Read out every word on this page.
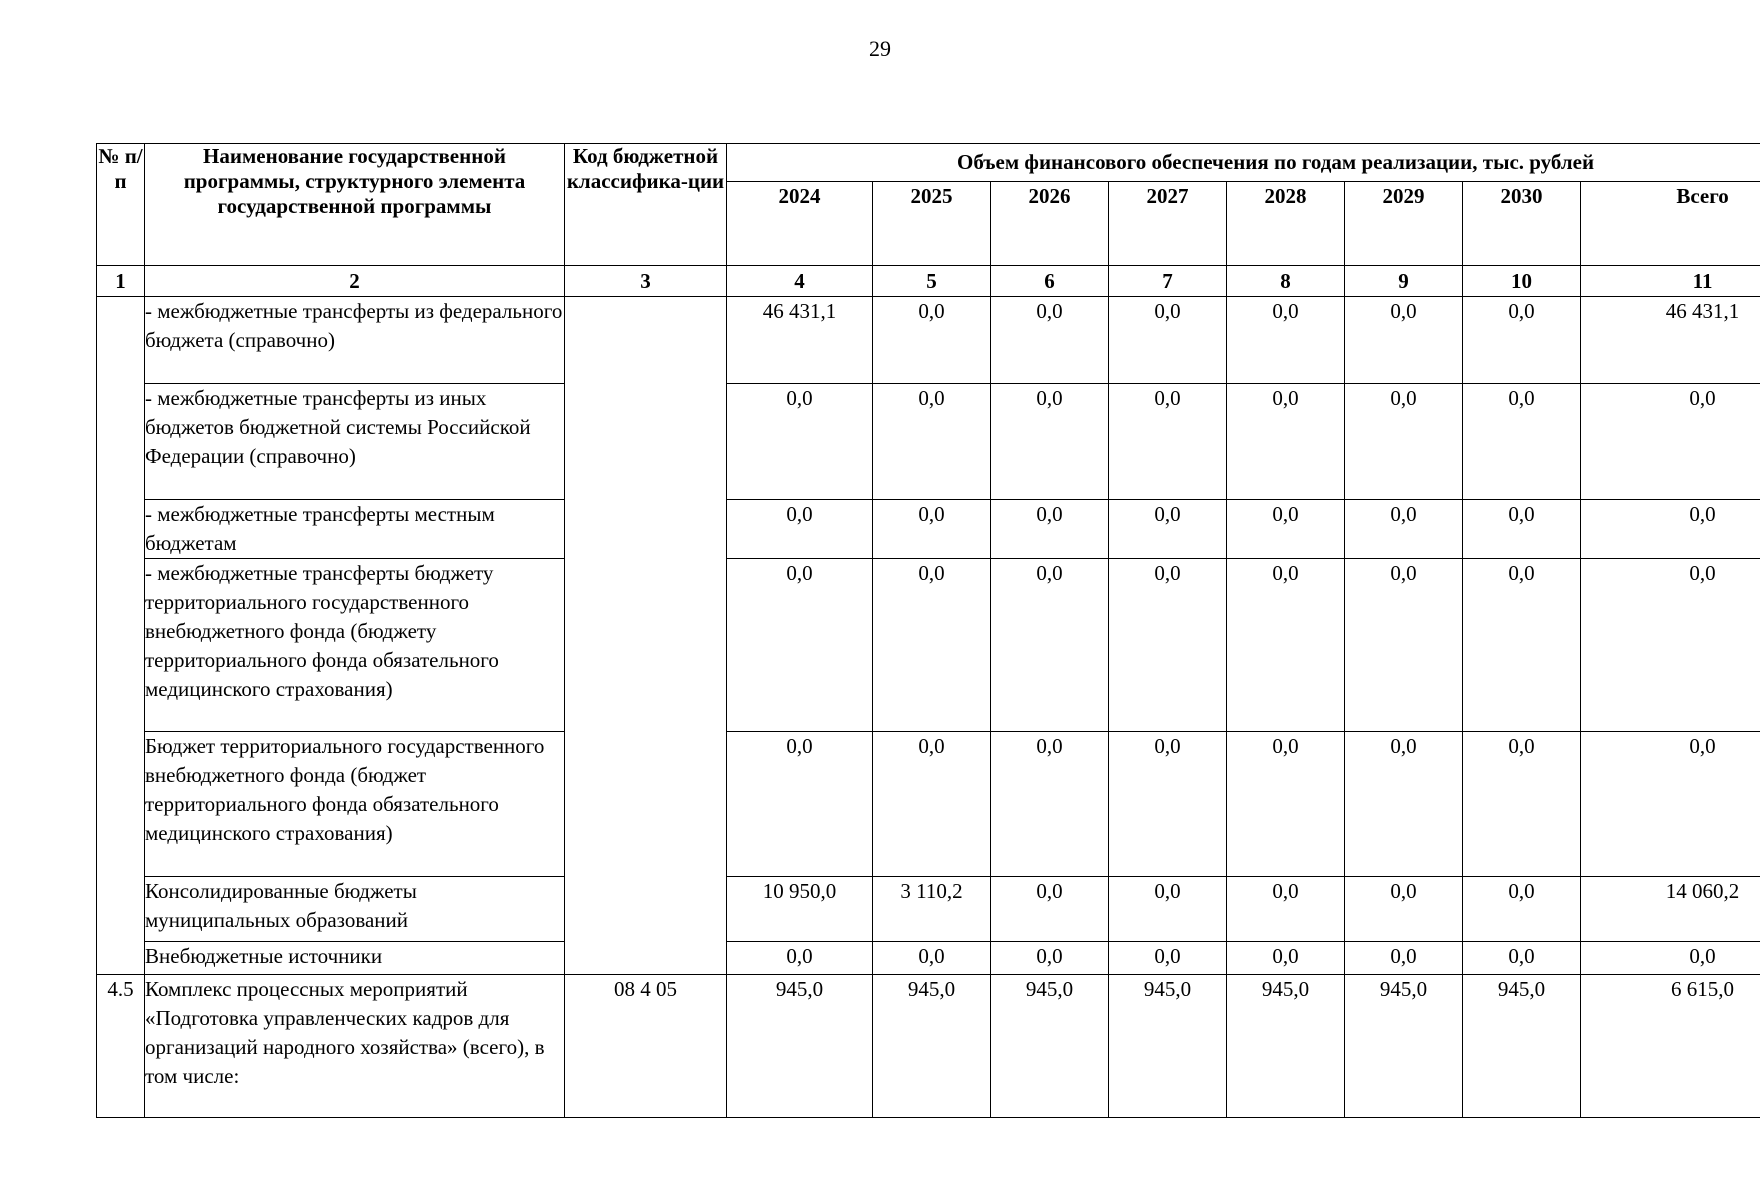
29
№ п/п	Наименование государственной программы, структурного элемента государственной программы	Код бюджетной классифика-ции	Объем финансового обеспечения по годам реализации, тыс. рублей							
			2024	2025	2026	2027	2028	2029	2030	Всего
1	2	3	4	5	6	7	8	9	10	11
	- межбюджетные трансферты из федерального бюджета (справочно)		46 431,1	0,0	0,0	0,0	0,0	0,0	0,0	46 431,1
	- межбюджетные трансферты из иных бюджетов бюджетной системы Российской Федерации (справочно)		0,0	0,0	0,0	0,0	0,0	0,0	0,0	0,0
	- межбюджетные трансферты местным бюджетам		0,0	0,0	0,0	0,0	0,0	0,0	0,0	0,0
	- межбюджетные трансферты бюджету территориального государственного внебюджетного фонда (бюджету территориального фонда обязательного медицинского страхования)		0,0	0,0	0,0	0,0	0,0	0,0	0,0	0,0
	Бюджет территориального государственного внебюджетного фонда (бюджет территориального фонда обязательного медицинского страхования)		0,0	0,0	0,0	0,0	0,0	0,0	0,0	0,0
	Консолидированные бюджеты муниципальных образований		10 950,0	3 110,2	0,0	0,0	0,0	0,0	0,0	14 060,2
	Внебюджетные источники		0,0	0,0	0,0	0,0	0,0	0,0	0,0	0,0
4.5	Комплекс процессных мероприятий «Подготовка управленческих кадров для организаций народного хозяйства» (всего), в том числе:	08 4 05	945,0	945,0	945,0	945,0	945,0	945,0	945,0	6 615,0
